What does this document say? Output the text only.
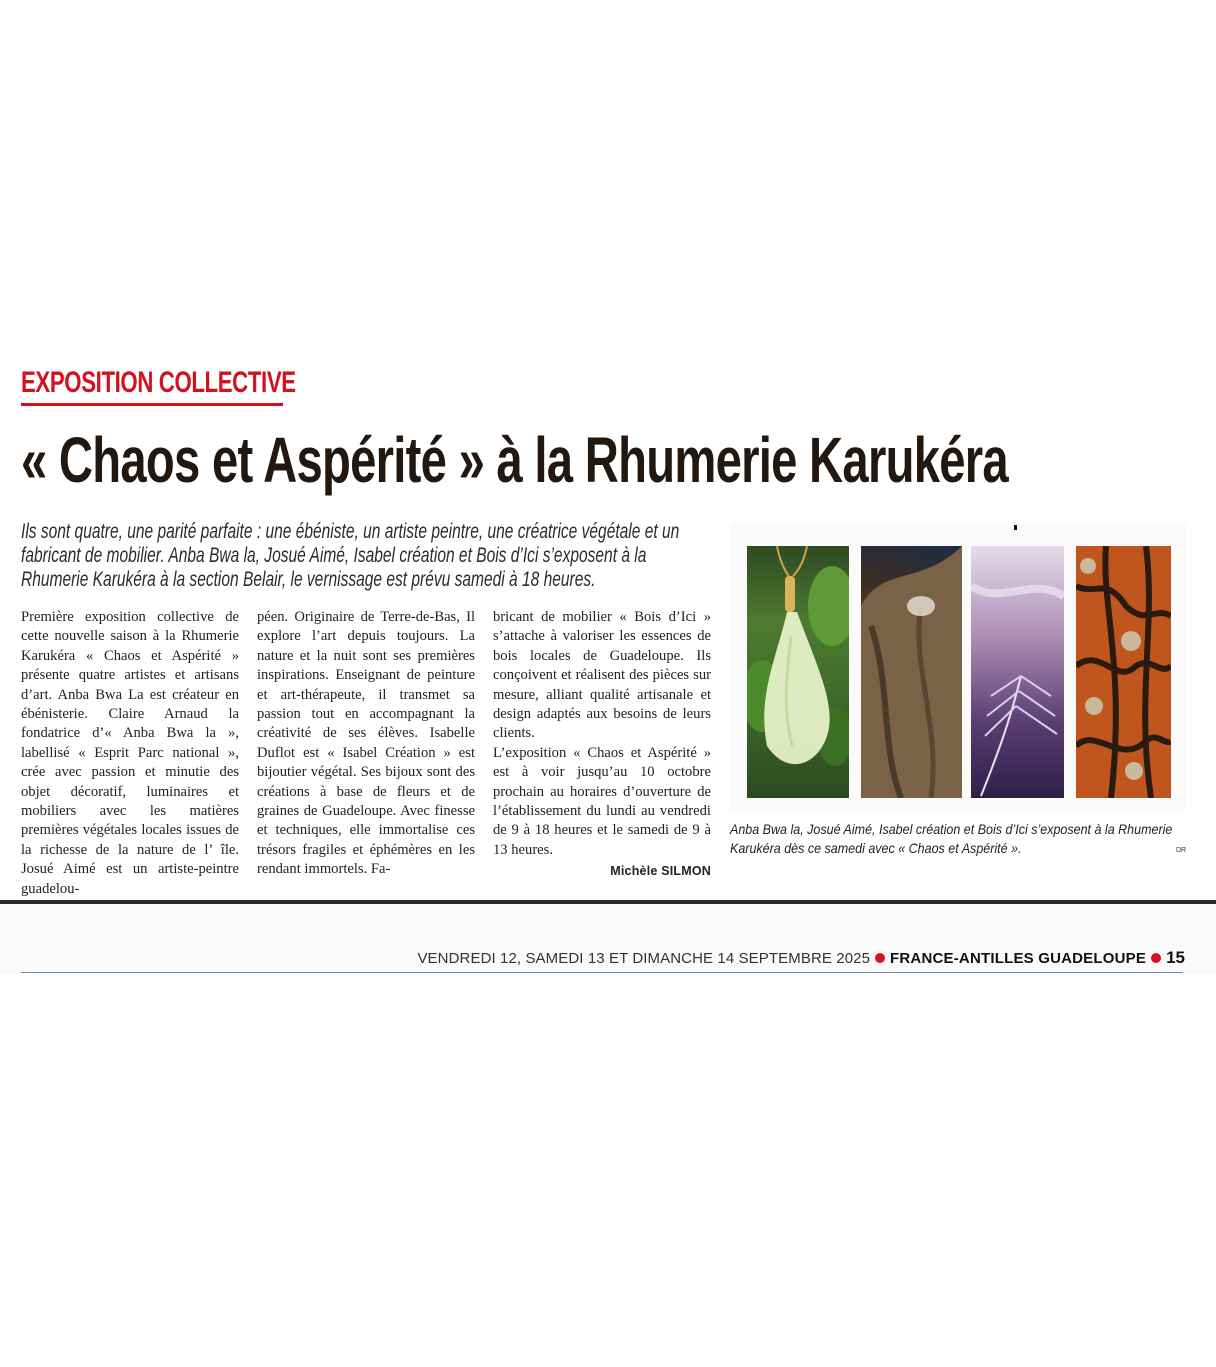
EXPOSITION COLLECTIVE
« Chaos et Aspérité » à la Rhumerie Karukéra
Ils sont quatre, une parité parfaite : une ébéniste, un artiste peintre, une créatrice végétale et un fabricant de mobilier. Anba Bwa la, Josué Aimé, Isabel création et Bois d’Ici s’exposent à la Rhumerie Karukéra à la section Belair, le vernissage est prévu samedi à 18 heures.

Première exposition collective de cette nouvelle saison à la Rhumerie Karukéra « Chaos et Aspérité » présente quatre artistes et artisans d’art. Anba Bwa La est créateur en ébénisterie. Claire Arnaud la fondatrice d’« Anba Bwa la », labellisé « Esprit Parc national », crée avec passion et minutie des objet décoratif, luminaires et mobiliers avec les matières premières végétales locales issues de la richesse de la nature de l’ île. Josué Aimé est un artiste-peintre guadelou-

péen. Originaire de Terre-de-Bas, Il explore l’art depuis toujours. La nature et la nuit sont ses premières inspirations. Enseignant de peinture et art-thérapeute, il transmet sa passion tout en accompagnant la créativité de ses élèves. Isabelle Duflot est « Isabel Création » est bijoutier végétal. Ses bijoux sont des créations à base de fleurs et de graines de Guadeloupe. Avec finesse et techniques, elle immortalise ces trésors fragiles et éphémères en les rendant immortels. Fa-

bricant de mobilier « Bois d’Ici » s’attache à valoriser les essences de bois locales de Guadeloupe. Ils conçoivent et réalisent des pièces sur mesure, alliant qualité artisanale et design adaptés aux besoins de leurs clients.

L’exposition « Chaos et Aspérité » est à voir jusqu’au 10 octobre prochain au horaires d’ouverture de l’établissement du lundi au vendredi de 9 à 18 heures et le samedi de 9 à 13 heures.

Michèle SILMON
Anba Bwa la, Josué Aimé, Isabel création et Bois d’Ici s’exposent à la Rhumerie Karukéra dès ce samedi avec « Chaos et Aspérité ».	DR
VENDREDI 12, SAMEDI 13 ET DIMANCHE 14 SEPTEMBRE 2025 FRANCE-ANTILLES GUADELOUPE 15
